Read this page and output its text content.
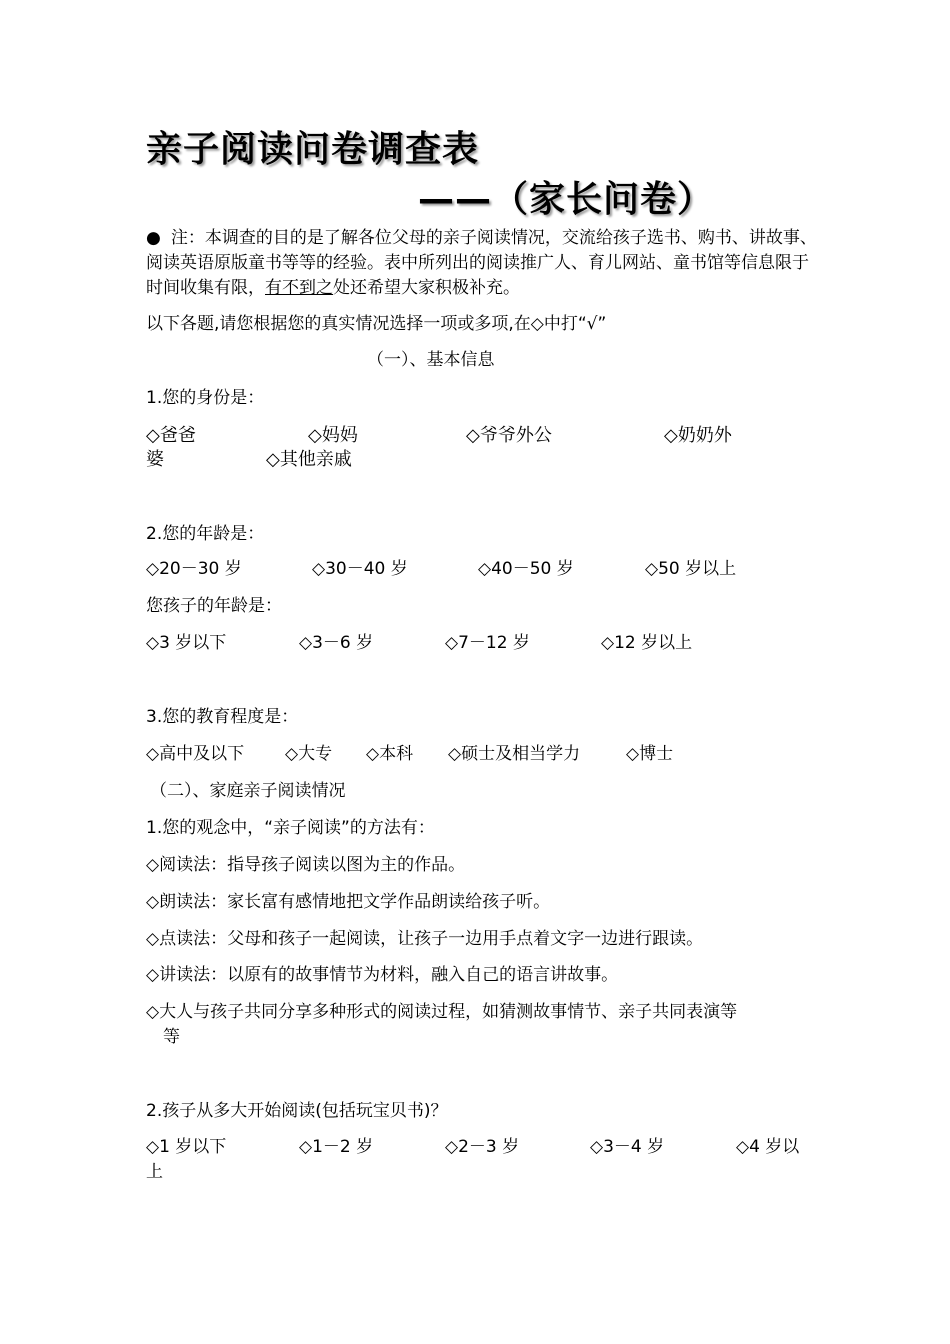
亲子阅读问卷调查表
——（家长问卷）
● 注：本调查的目的是了解各位父母的亲子阅读情况，交流给孩子选书、购书、讲故事、阅读英语原版童书等等的经验。表中所列出的阅读推广人、育儿网站、童书馆等信息限于时间收集有限，有不到之处还希望大家积极补充。
以下各题,请您根据您的真实情况选择一项或多项,在◇中打“√”
（一）、基本信息
1.您的身份是：
◇爸爸	◇妈妈	◇爷爷外公	◇奶奶外
婆	◇其他亲戚
2.您的年龄是：
◇20－30 岁	◇30－40 岁	◇40－50 岁	◇50 岁以上
您孩子的年龄是：
◇3 岁以下	◇3－6 岁	◇7－12 岁	◇12 岁以上
3.您的教育程度是：
◇高中及以下 ◇大专 ◇本科 ◇硕士及相当学力	◇博士
（二）、家庭亲子阅读情况
1.您的观念中，“亲子阅读”的方法有：
◇阅读法：指导孩子阅读以图为主的作品。
◇朗读法：家长富有感情地把文学作品朗读给孩子听。
◇点读法：父母和孩子一起阅读，让孩子一边用手点着文字一边进行跟读。
◇讲读法：以原有的故事情节为材料，融入自己的语言讲故事。
◇大人与孩子共同分享多种形式的阅读过程，如猜测故事情节、亲子共同表演等
等
2.孩子从多大开始阅读(包括玩宝贝书)？
◇1 岁以下	◇1－2 岁	◇2－3 岁	◇3－4 岁	◇4 岁以
上
